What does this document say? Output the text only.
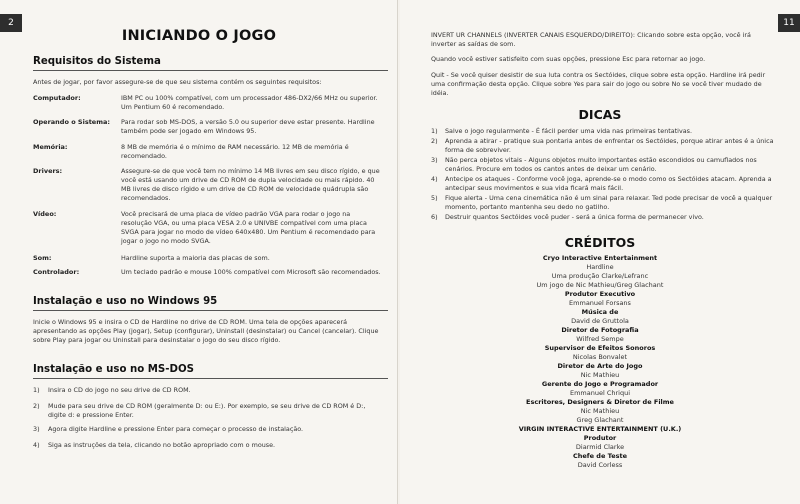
2
INICIANDO O JOGO
Requisitos do Sistema
Antes de jogar, por favor assegure-se de que seu sistema contém os seguintes requisitos:
Computador:	IBM PC ou 100% compatível, com um processador 486-DX2/66 MHz ou superior. Um Pentium 60 é recomendado.
Operando o Sistema: Para rodar sob MS-DOS, a versão 5.0 ou superior deve estar presente. Hardline também pode ser jogado em Windows 95.
Memória:	8 MB de memória é o mínimo de RAM necessário. 12 MB de memória é recomendado.
Drivers:	Assegure-se de que você tem no mínimo 14 MB livres em seu disco rígido, e que você está usando um drive de CD ROM de dupla velocidade ou mais rápido. 40 MB livres de disco rígido e um drive de CD ROM de velocidade quádrupla são recomendados.
Vídeo:	Você precisará de uma placa de vídeo padrão VGA para rodar o jogo na resolução VGA, ou uma placa VESA 2.0 e UNIVBE compatível com uma placa SVGA para jogar no modo de vídeo 640x480. Um Pentium é recomendado para jogar o jogo no modo SVGA.
Som:	Hardline suporta a maioria das placas de som.
Controlador:	Um teclado padrão e mouse 100% compatível com Microsoft são recomendados.
Instalação e uso no Windows 95
Inicie o Windows 95 e insira o CD de Hardline no drive de CD ROM. Uma tela de opções aparecerá apresentando as opções Play (jogar), Setup (configurar), Uninstall (desinstalar) ou Cancel (cancelar). Clique sobre Play para jogar ou Uninstall para desinstalar o jogo do seu disco rígido.
Instalação e uso no MS-DOS
1) Insira o CD do jogo no seu drive de CD ROM.
2) Mude para seu drive de CD ROM (geralmente D: ou E:). Por exemplo, se seu drive de CD ROM é D:, digite d: e pressione Enter.
3) Agora digite Hardline e pressione Enter para começar o processo de instalação.
4) Siga as instruções da tela, clicando no botão apropriado com o mouse.
11
INVERT UR CHANNELS (INVERTER CANAIS ESQUERDO/DIREITO): Clicando sobre esta opção, você irá inverter as saídas de som.
Quando você estiver satisfeito com suas opções, pressione Esc para retornar ao jogo.
Quit - Se você quiser desistir de sua luta contra os Sectóides, clique sobre esta opção. Hardline irá pedir uma confirmação desta opção. Clique sobre Yes para sair do jogo ou sobre No se você tiver mudado de idéia.
DICAS
1) Salve o jogo regularmente - É fácil perder uma vida nas primeiras tentativas.
2) Aprenda a atirar - pratique sua pontaria antes de enfrentar os Sectóides, porque atirar antes é a única forma de sobreviver.
3) Não perca objetos vitais - Alguns objetos muito importantes estão escondidos ou camuflados nos cenários. Procure em todos os cantos antes de deixar um cenário.
4) Antecipe os ataques - Conforme você joga, aprende-se o modo como os Sectóides atacam. Aprenda a antecipar seus movimentos e sua vida ficará mais fácil.
5) Fique alerta - Uma cena cinemática não é um sinal para relaxar. Ted pode precisar de você a qualquer momento, portanto mantenha seu dedo no gatilho.
6) Destruir quantos Sectóides você puder - será a única forma de permanecer vivo.
CRÉDITOS
Cryo Interactive Entertainment
Hardline
Uma produção Clarke/Lefranc
Um jogo de Nic Mathieu/Greg Glachant
Produtor Executivo
Emmanuel Forsans
Música de
David de Gruttola
Diretor de Fotografia
Wilfred Sempe
Supervisor de Efeitos Sonoros
Nicolas Bonvalet
Diretor de Arte do Jogo
Nic Mathieu
Gerente do Jogo e Programador
Emmanuel Chriqui
Escritores, Designers & Diretor de Filme
Nic Mathieu
Greg Glachant
VIRGIN INTERACTIVE ENTERTAINMENT (U.K.)
Produtor
Diarmid Clarke
Chefe de Teste
David Corless
